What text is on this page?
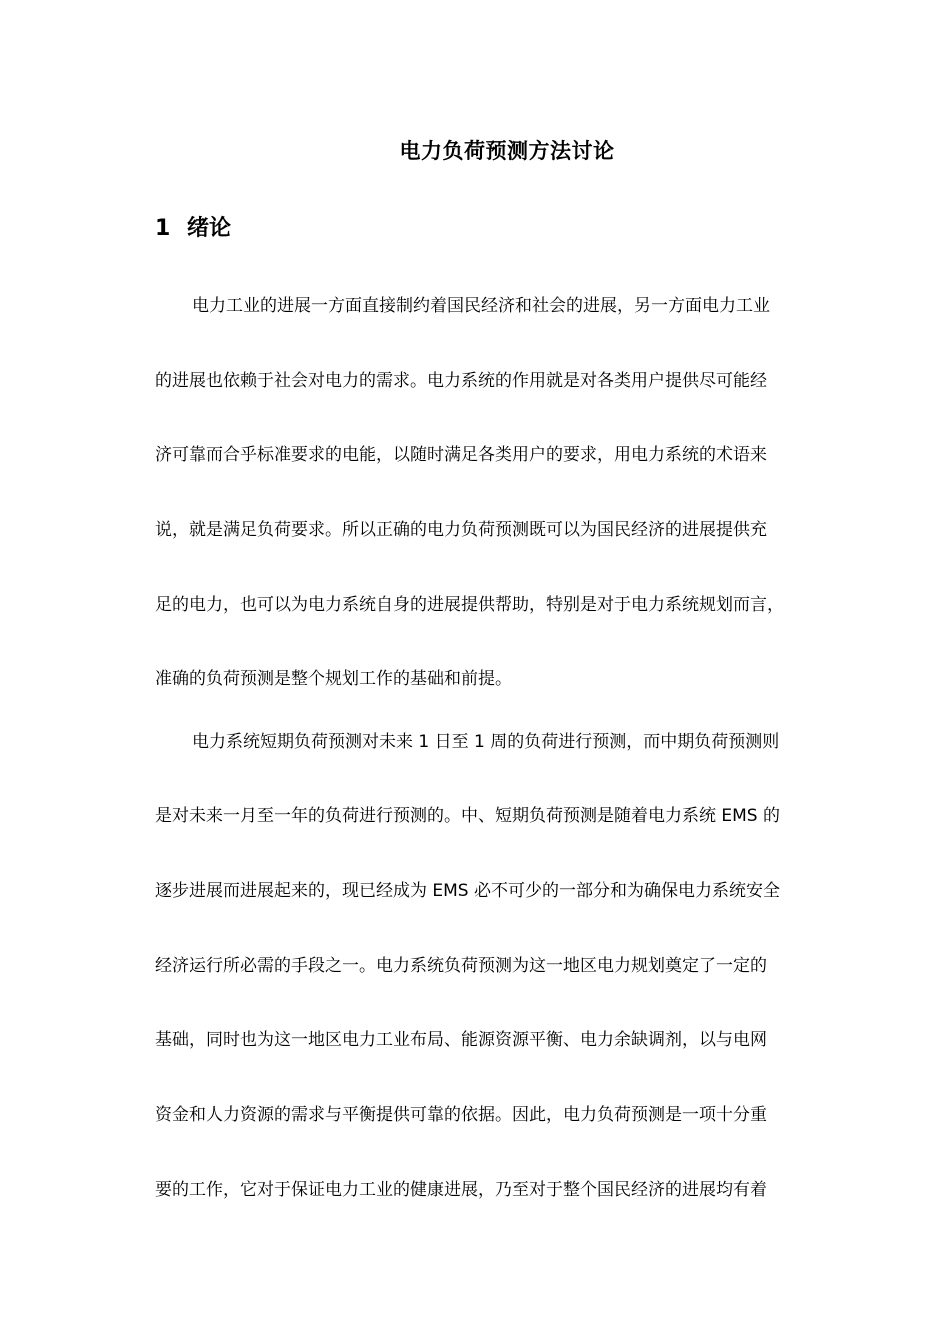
电力负荷预测方法讨论
1 绪论
电力工业的进展一方面直接制约着国民经济和社会的进展，另一方面电力工业
的进展也依赖于社会对电力的需求。电力系统的作用就是对各类用户提供尽可能经
济可靠而合乎标准要求的电能，以随时满足各类用户的要求，用电力系统的术语来
说，就是满足负荷要求。所以正确的电力负荷预测既可以为国民经济的进展提供充
足的电力，也可以为电力系统自身的进展提供帮助，特别是对于电力系统规划而言，
准确的负荷预测是整个规划工作的基础和前提。
电力系统短期负荷预测对未来 1 日至 1 周的负荷进行预测，而中期负荷预测则
是对未来一月至一年的负荷进行预测的。中、短期负荷预测是随着电力系统 EMS 的
逐步进展而进展起来的，现已经成为 EMS 必不可少的一部分和为确保电力系统安全
经济运行所必需的手段之一。电力系统负荷预测为这一地区电力规划奠定了一定的
基础，同时也为这一地区电力工业布局、能源资源平衡、电力余缺调剂，以与电网
资金和人力资源的需求与平衡提供可靠的依据。因此，电力负荷预测是一项十分重
要的工作，它对于保证电力工业的健康进展，乃至对于整个国民经济的进展均有着
